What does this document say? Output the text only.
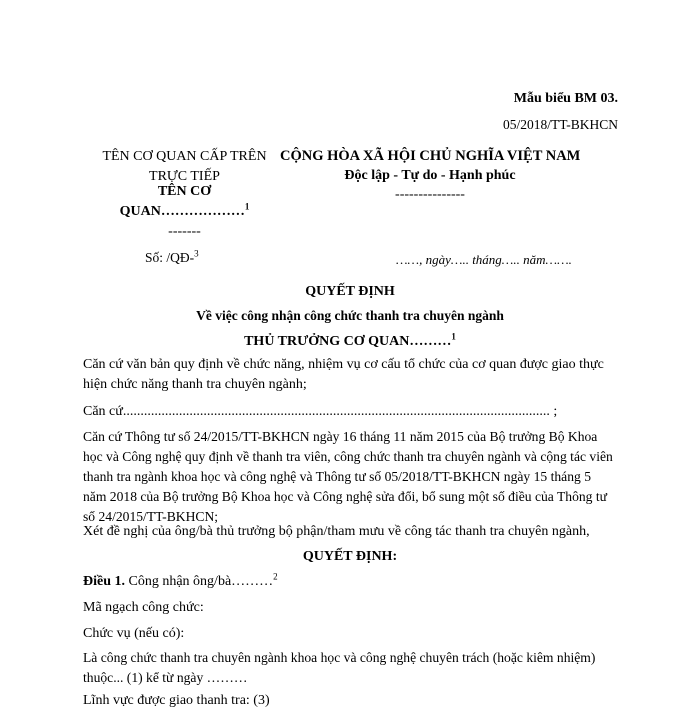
Mẫu biểu BM 03.
05/2018/TT-BKHCN
TÊN CƠ QUAN CẤP TRÊN
TRỰC TIẾP
TÊN CƠ
QUAN………………$^1$
-------
CỘNG HÒA XÃ HỘI CHỦ NGHĨA VIỆT NAM
Độc lập - Tự do - Hạnh phúc
---------------
Số: /QĐ-$^3$	……, ngày….. tháng….. năm…….
QUYẾT ĐỊNH
Về việc công nhận công chức thanh tra chuyên ngành
THỦ TRƯỞNG CƠ QUAN………$^1$
Căn cứ văn bản quy định về chức năng, nhiệm vụ cơ cấu tổ chức của cơ quan được giao thực
hiện chức năng thanh tra chuyên ngành;
Căn cứ.......................................................................................................................... ;
Căn cứ Thông tư số 24/2015/TT-BKHCN ngày 16 tháng 11 năm 2015 của Bộ trưởng Bộ Khoa
học và Công nghệ quy định về thanh tra viên, công chức thanh tra chuyên ngành và cộng tác viên
thanh tra ngành khoa học và công nghệ và Thông tư số 05/2018/TT-BKHCN ngày 15 tháng 5
năm 2018 của Bộ trưởng Bộ Khoa học và Công nghệ sửa đổi, bổ sung một số điều của Thông tư
số 24/2015/TT-BKHCN;
Xét đề nghị của ông/bà thủ trưởng bộ phận/tham mưu về công tác thanh tra chuyên ngành,
QUYẾT ĐỊNH:
Điều 1. Công nhận ông/bà………$^2$
Mã ngạch công chức:
Chức vụ (nếu có):
Là công chức thanh tra chuyên ngành khoa học và công nghệ chuyên trách (hoặc kiêm nhiệm)
thuộc... (1) kể từ ngày ………
Lĩnh vực được giao thanh tra: (3)
